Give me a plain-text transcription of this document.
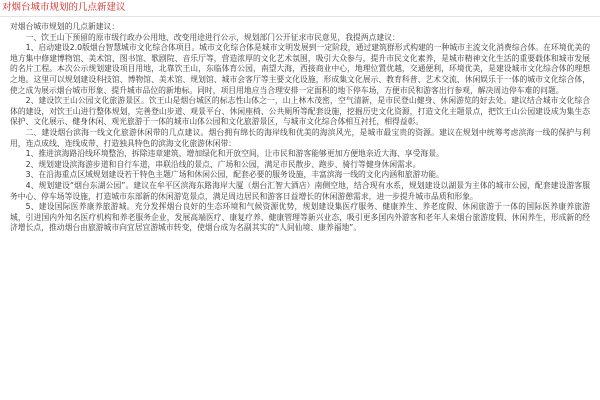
对烟台城市规划的几点新建议

对烟台城市规划的几点新建议：

一、饮王山下预留的原市级行政办公用地、改变用途进行公示，规划部门公开征求市民意见，我提两点建议：

1、启动建设2.0版烟台智慧城市文化综合体项目。城市文化综合体是城市文明发展到一定阶段，通过建筑群形式构建的一种城市主流文化消费综合体。在环境优美的地方集中修建博物馆、美术馆、图书馆、歌剧院、音乐厅等，营造浓厚的文化艺术氛围，吸引大众参与，提升市民文化素养，是城市精神文化生活的重要载体和城市发展的名片工程。本次公示规划建设项目用地，北靠饮王山，东临体育公园，南望大海，西接商业中心，地理位置优越，交通便利，环境优美，是建设城市文化综合体的理想之地。这里可以规划建设科技馆、博物馆、美术馆、规划馆、城市会客厅等主要文化设施，形成集文化展示、教育科普、艺术交流、休闲娱乐于一体的城市文化综合体，使之成为展示烟台城市形象、提升城市品位的新地标。同时，项目用地应当合理安排一定面积的地下停车场，方便市民和游客出行参观，解决周边停车难的问题。

2、建设饮王山公园文化旅游景区。饮王山是烟台城区的标志性山体之一，山上林木茂密，空气清新，是市民登山健身、休闲游览的好去处。建议结合城市文化综合体的建设，对饮王山进行整体规划，完善登山步道、观景平台、休闲座椅、公共厕所等配套设施，挖掘历史文化资源，打造文化主题景点，把饮王山公园建设成为集生态保护、文化展示、健身休闲、观光旅游于一体的城市山体公园和文化旅游景区，与城市文化综合体相互衬托，相得益彰。

二、建设烟台滨海一线文化旅游休闲带的几点建议。烟台拥有绵长的海岸线和优美的海滨风光，是城市最宝贵的资源。建议在规划中统筹考虑滨海一线的保护与利用，连点成线、连线成带，打造独具特色的滨海文化旅游休闲带：

1、推进滨海路沿线环境整治，拆除违章建筑，增加绿化和开放空间，让市民和游客能够更加方便地亲近大海、享受海景。

2、规划建设滨海游步道和自行车道，串联沿线的景点、广场和公园，满足市民散步、跑步、骑行等健身休闲需求。

3、在沿海重点区域规划建设若干特色主题广场和休闲公园，配套必要的服务设施，丰富滨海一线的文化内涵和旅游功能。

4、规划建设“烟台东湖公园”。建议在牟平区滨海东路海岸大厦（烟台汇智大酒店）南侧空地，结合现有水系，规划建设以湖景为主体的城市公园，配套建设游客服务中心、停车场等设施，打造城市东部新的休闲游览景点，满足周边居民和游客日益增长的休闲游憩需求，进一步提升城市品质和形象。

5、建设国际医养康养旅游城。充分发挥烟台良好的生态环境和气候资源优势，规划建设集医疗服务、健康养生、养老度假、休闲旅游于一体的国际医养康养旅游城，引进国内外知名医疗机构和养老服务企业，发展高端医疗、康复疗养、健康管理等新兴业态，吸引更多国内外游客和老年人来烟台旅游度假、休闲养生，形成新的经济增长点，推动烟台由旅游城市向宜居宜游城市转变，使烟台成为名副其实的“人间仙境、康养福地”。
